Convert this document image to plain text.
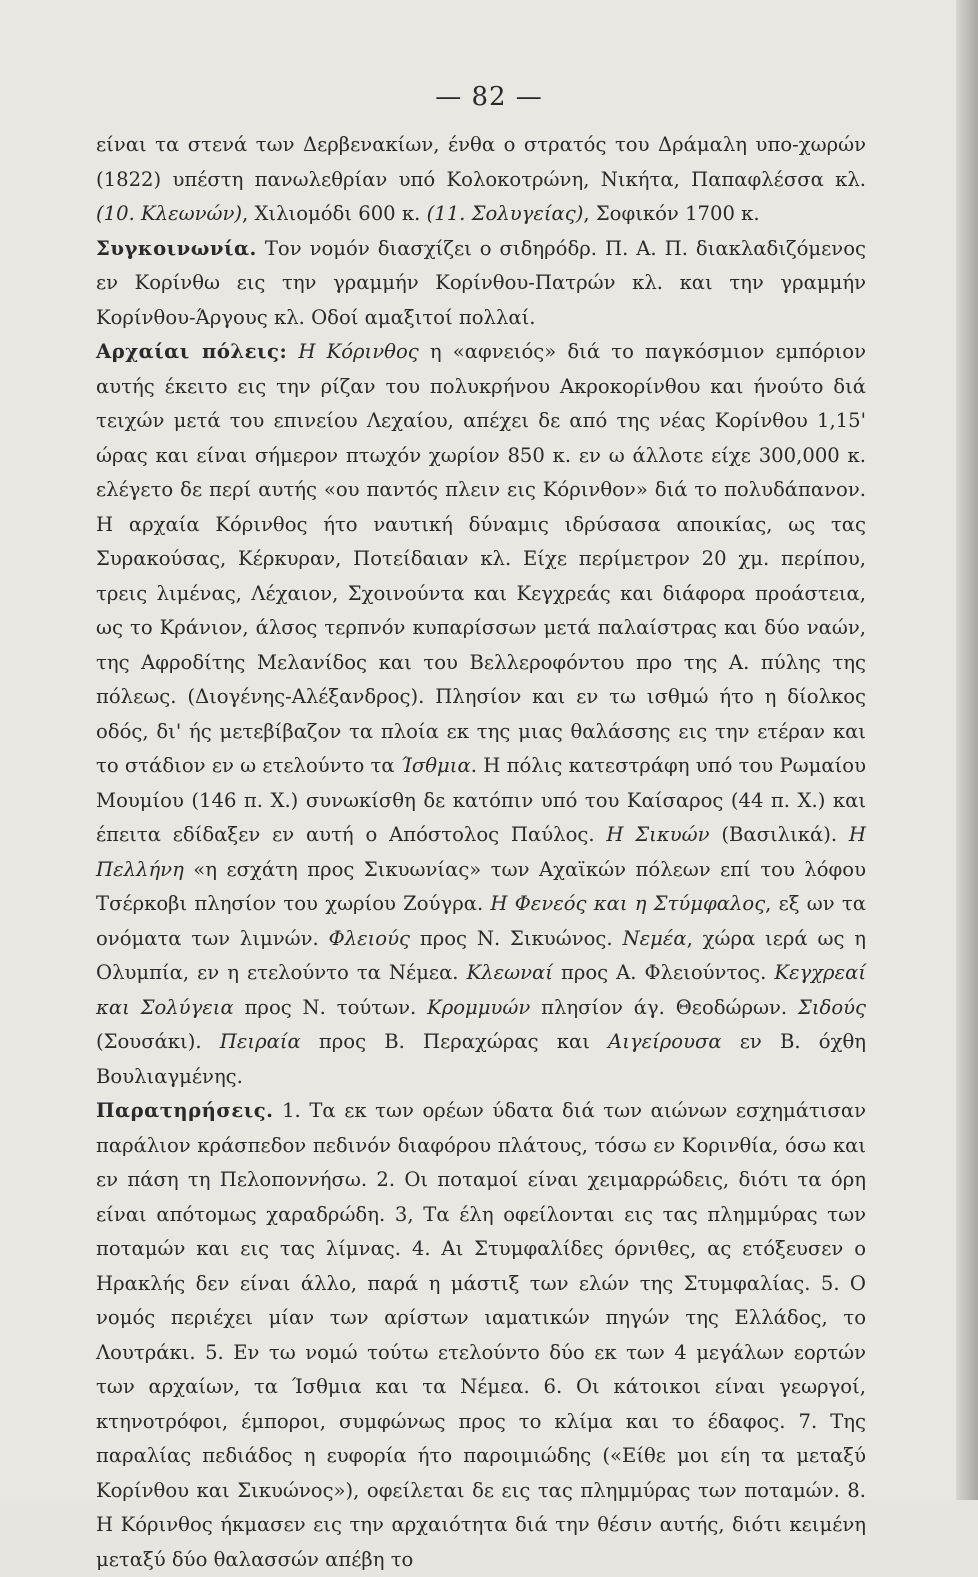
— 82 —

είναι τα στενά των Δερβενακίων, ένθα ο στρατός του Δράμαλη υπο-χωρών (1822) υπέστη πανωλεθρίαν υπό Κολοκοτρώνη, Νικήτα, Παπαφλέσσα κλ. (10. Κλεωνών), Χιλιομόδι 600 κ. (11. Σολυγείας), Σοφικόν 1700 κ.

Συγκοινωνία. Τον νομόν διασχίζει ο σιδηρόδρ. Π. Α. Π. διακλαδιζόμενος εν Κορίνθω εις την γραμμήν Κορίνθου-Πατρών κλ. και την γραμμήν Κορίνθου-Άργους κλ. Οδοί αμαξιτοί πολλαί.

Αρχαίαι πόλεις: Η Κόρινθος η «αφνειός» διά το παγκόσμιον εμπόριον αυτής έκειτο εις την ρίζαν του πολυκρήνου Ακροκορίνθου και ήνούτο διά τειχών μετά του επινείου Λεχαίου, απέχει δε από της νέας Κορίνθου 1,15' ώρας και είναι σήμερον πτωχόν χωρίον 850 κ. εν ω άλλοτε είχε 300,000 κ. ελέγετο δε περί αυτής «ου παντός πλειν εις Κόρινθον» διά το πολυδάπανον. Η αρχαία Κόρινθος ήτο ναυτική δύναμις ιδρύσασα αποικίας, ως τας Συρακούσας, Κέρκυραν, Ποτείδαιαν κλ. Είχε περίμετρον 20 χμ. περίπου, τρεις λιμένας, Λέχαιον, Σχοινούντα και Κεγχρεάς και διάφορα προάστεια, ως το Κράνιον, άλσος τερπνόν κυπαρίσσων μετά παλαίστρας και δύο ναών, της Αφροδίτης Μελανίδος και του Βελλεροφόντου προ της Α. πύλης της πόλεως. (Διογένης-Αλέξανδρος). Πλησίον και εν τω ισθμώ ήτο η δίολκος οδός, δι' ής μετεβίβαζον τα πλοία εκ της μιας θαλάσσης εις την ετέραν και το στάδιον εν ω ετελούντο τα Ίσθμια. Η πόλις κατεστράφη υπό του Ρωμαίου Μουμίου (146 π. Χ.) συνωκίσθη δε κατόπιν υπό του Καίσαρος (44 π. Χ.) και έπειτα εδίδαξεν εν αυτή ο Απόστολος Παύλος. Η Σικυών (Βασιλικά). Η Πελλήνη «η εσχάτη προς Σικυωνίας» των Αχαϊκών πόλεων επί του λόφου Τσέρκοβι πλησίον του χωρίου Ζούγρα. Η Φενεός και η Στύμφαλος, εξ ων τα ονόματα των λιμνών. Φλειούς προς Ν. Σικυώνος. Νεμέα, χώρα ιερά ως η Ολυμπία, εν η ετελούντο τα Νέμεα. Κλεωναί προς Α. Φλειούντος. Κεγχρεαί και Σολύγεια προς Ν. τούτων. Κρομμυών πλησίον άγ. Θεοδώρων. Σιδούς (Σουσάκι). Πειραία προς Β. Περαχώρας και Αιγείρουσα εν Β. όχθη Βουλιαγμένης.

Παρατηρήσεις. 1. Τα εκ των ορέων ύδατα διά των αιώνων εσχημάτισαν παράλιον κράσπεδον πεδινόν διαφόρου πλάτους, τόσω εν Κορινθία, όσω και εν πάση τη Πελοποννήσω. 2. Οι ποταμοί είναι χειμαρρώδεις, διότι τα όρη είναι απότομως χαραδρώδη. 3, Τα έλη οφείλονται εις τας πλημμύρας των ποταμών και εις τας λίμνας. 4. Αι Στυμφαλίδες όρνιθες, ας ετόξευσεν ο Ηρακλής δεν είναι άλλο, παρά η μάστιξ των ελών της Στυμφαλίας. 5. Ο νομός περιέχει μίαν των αρίστων ιαματικών πηγών της Ελλάδος, το Λουτράκι. 5. Εν τω νομώ τούτω ετελούντο δύο εκ των 4 μεγάλων εορτών των αρχαίων, τα Ίσθμια και τα Νέμεα. 6. Οι κάτοικοι είναι γεωργοί, κτηνοτρόφοι, έμποροι, συμφώνως προς το κλίμα και το έδαφος. 7. Της παραλίας πεδιάδος η ευφορία ήτο παροιμιώδης («Είθε μοι είη τα μεταξύ Κορίνθου και Σικυώνος»), οφείλεται δε εις τας πλημμύρας των ποταμών. 8. Η Κόρινθος ήκμασεν εις την αρχαιότητα διά την θέσιν αυτής, διότι κειμένη μεταξύ δύο θαλασσών απέβη το
